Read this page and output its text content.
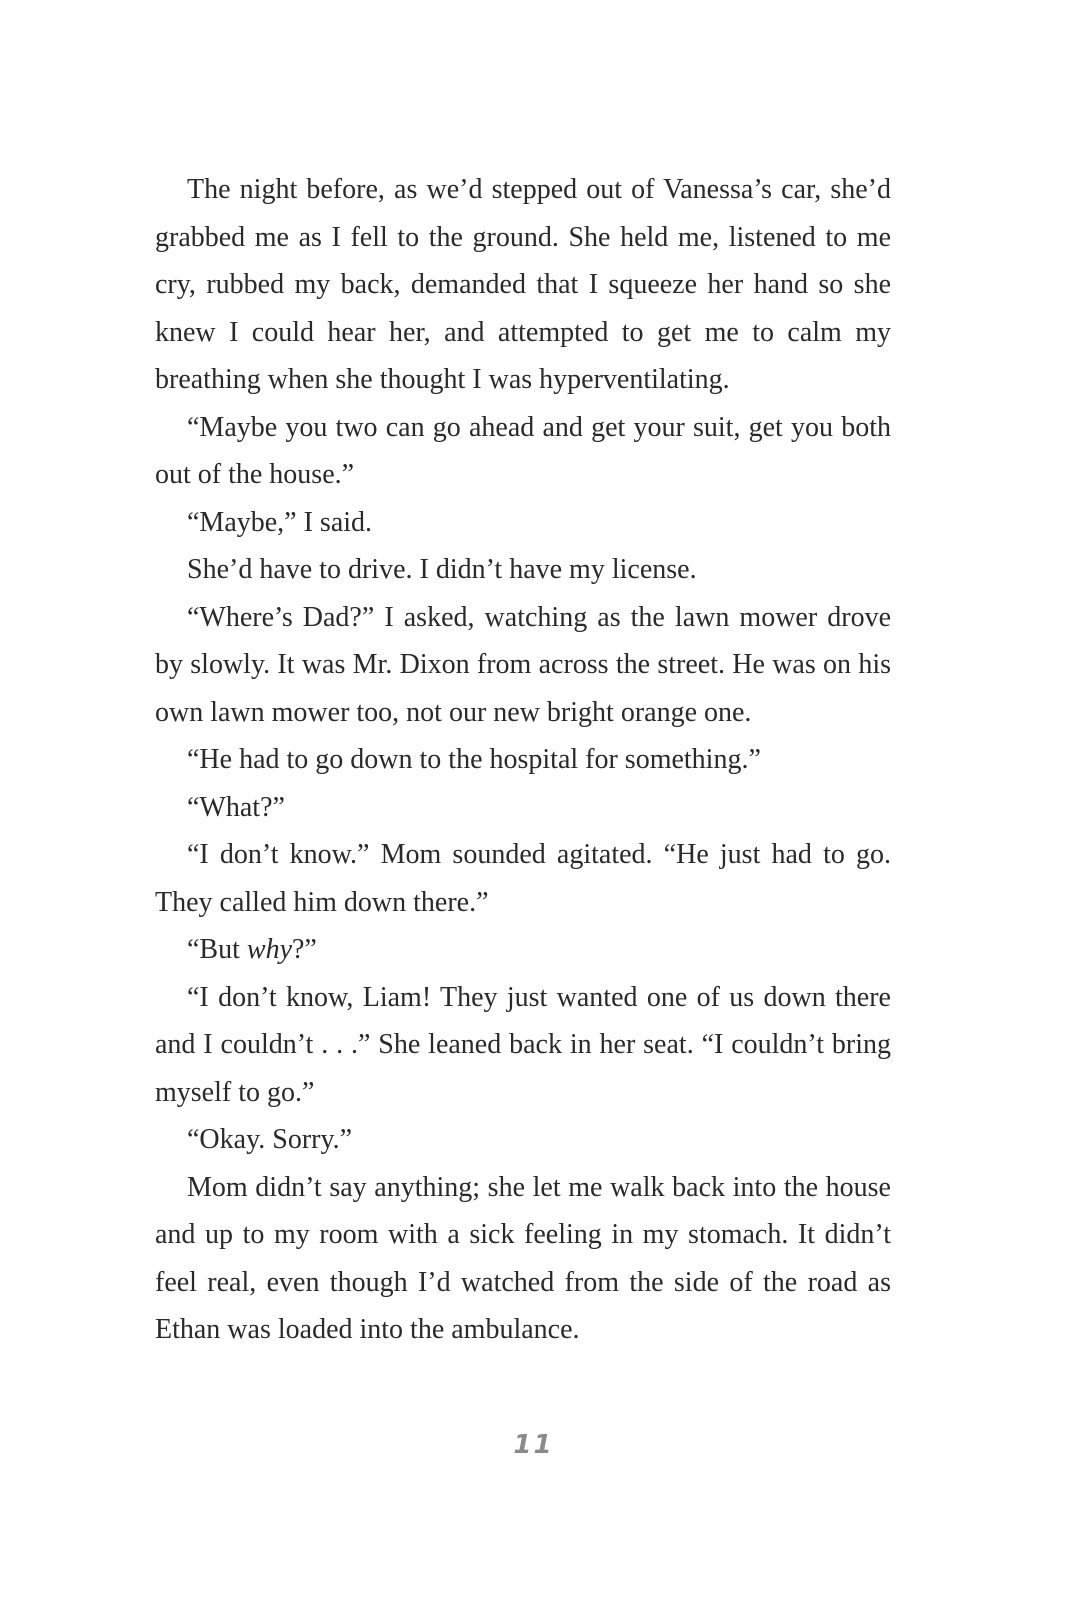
The night before, as we’d stepped out of Vanessa’s car, she’d grabbed me as I fell to the ground. She held me, listened to me cry, rubbed my back, demanded that I squeeze her hand so she knew I could hear her, and attempted to get me to calm my breathing when she thought I was hyperventilating.

“Maybe you two can go ahead and get your suit, get you both out of the house.”

“Maybe,” I said.

She’d have to drive. I didn’t have my license.

“Where’s Dad?” I asked, watching as the lawn mower drove by slowly. It was Mr. Dixon from across the street. He was on his own lawn mower too, not our new bright orange one.

“He had to go down to the hospital for something.”

“What?”

“I don’t know.” Mom sounded agitated. “He just had to go. They called him down there.”

“But why?”

“I don’t know, Liam! They just wanted one of us down there and I couldn’t . . .” She leaned back in her seat. “I couldn’t bring myself to go.”

“Okay. Sorry.”

Mom didn’t say anything; she let me walk back into the house and up to my room with a sick feeling in my stomach. It didn’t feel real, even though I’d watched from the side of the road as Ethan was loaded into the ambulance.

11
